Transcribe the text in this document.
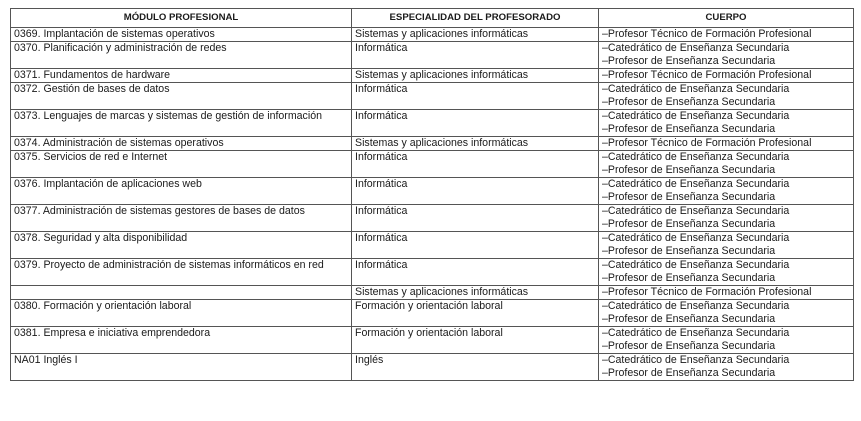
MÓDULO PROFESIONAL	ESPECIALIDAD DEL PROFESORADO	CUERPO
0369. Implantación de sistemas operativos	Sistemas y aplicaciones informáticas	–Profesor Técnico de Formación Profesional

0370. Planificación y administración de redes	Informática	–Catedrático de Enseñanza Secundaria
–Profesor de Enseñanza Secundaria

0371. Fundamentos de hardware	Sistemas y aplicaciones informáticas	–Profesor Técnico de Formación Profesional

0372. Gestión de bases de datos	Informática	–Catedrático de Enseñanza Secundaria
–Profesor de Enseñanza Secundaria

0373. Lenguajes de marcas y sistemas de gestión de información	Informática	–Catedrático de Enseñanza Secundaria
–Profesor de Enseñanza Secundaria

0374. Administración de sistemas operativos	Sistemas y aplicaciones informáticas	–Profesor Técnico de Formación Profesional

0375. Servicios de red e Internet	Informática	–Catedrático de Enseñanza Secundaria
–Profesor de Enseñanza Secundaria

0376. Implantación de aplicaciones web	Informática	–Catedrático de Enseñanza Secundaria
–Profesor de Enseñanza Secundaria

0377. Administración de sistemas gestores de bases de datos	Informática	–Catedrático de Enseñanza Secundaria
–Profesor de Enseñanza Secundaria

0378. Seguridad y alta disponibilidad	Informática	–Catedrático de Enseñanza Secundaria
–Profesor de Enseñanza Secundaria

0379. Proyecto de administración de sistemas informáticos en red	Informática	–Catedrático de Enseñanza Secundaria
–Profesor de Enseñanza Secundaria

	Sistemas y aplicaciones informáticas	–Profesor Técnico de Formación Profesional

0380. Formación y orientación laboral	Formación y orientación laboral	–Catedrático de Enseñanza Secundaria
–Profesor de Enseñanza Secundaria

0381. Empresa e iniciativa emprendedora	Formación y orientación laboral	–Catedrático de Enseñanza Secundaria
–Profesor de Enseñanza Secundaria

NA01 Inglés I	Inglés	–Catedrático de Enseñanza Secundaria
–Profesor de Enseñanza Secundaria
